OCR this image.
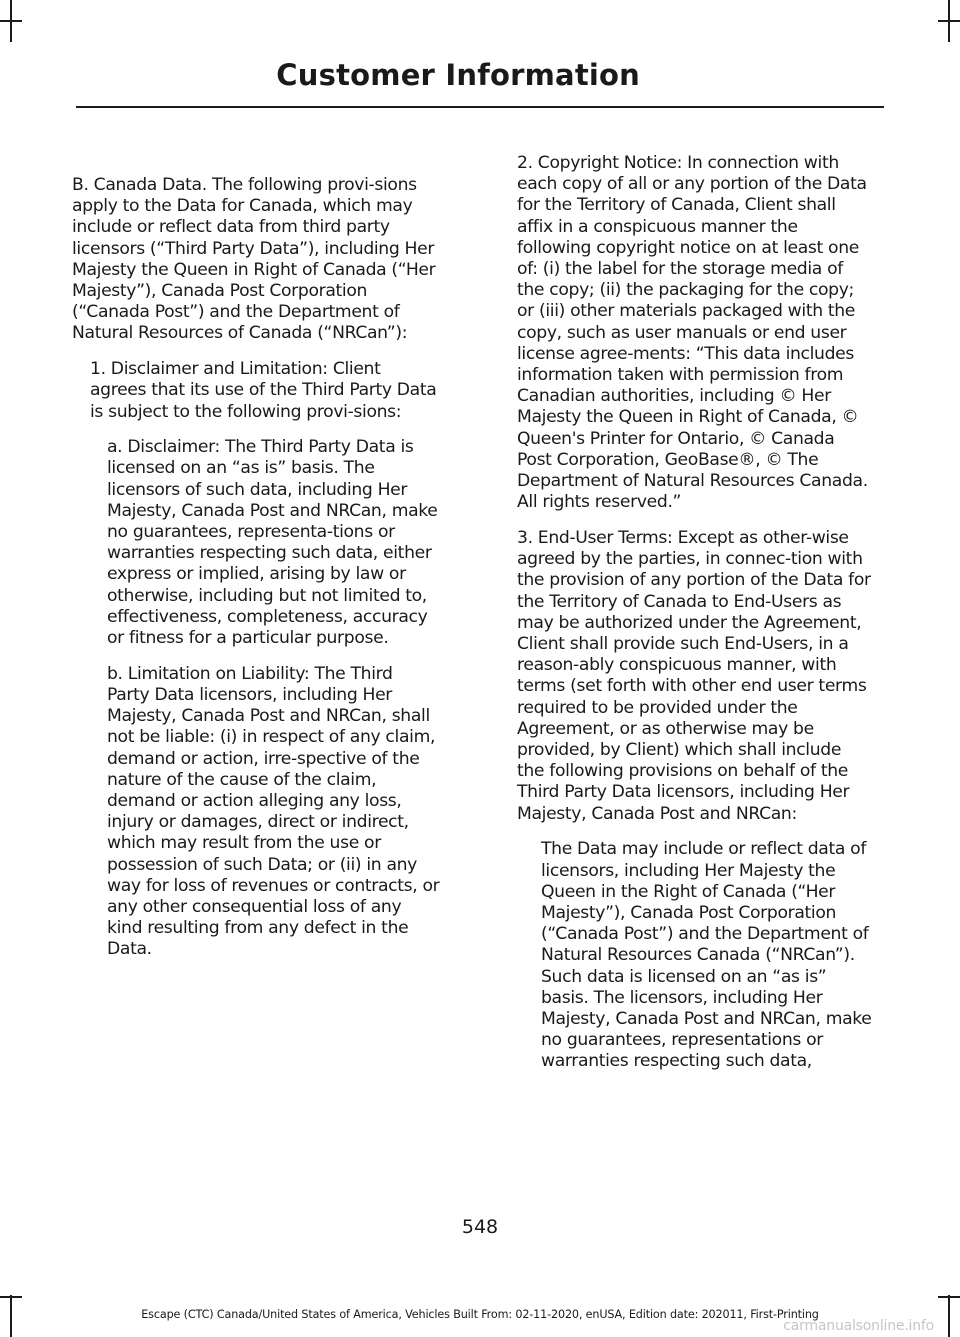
Customer Information

B. Canada Data. The following provi-sions apply to the Data for Canada, which may include or reflect data from third party licensors (“Third Party Data”), including Her Majesty the Queen in Right of Canada (“Her Majesty”), Canada Post Corporation (“Canada Post”) and the Department of Natural Resources of Canada (“NRCan”):

1. Disclaimer and Limitation: Client agrees that its use of the Third Party Data is subject to the following provi-sions:

a. Disclaimer: The Third Party Data is licensed on an “as is” basis. The licensors of such data, including Her Majesty, Canada Post and NRCan, make no guarantees, representa-tions or warranties respecting such data, either express or implied, arising by law or otherwise, including but not limited to, effectiveness, completeness, accuracy or fitness for a particular purpose.

b. Limitation on Liability: The Third Party Data licensors, including Her Majesty, Canada Post and NRCan, shall not be liable: (i) in respect of any claim, demand or action, irre-spective of the nature of the cause of the claim, demand or action alleging any loss, injury or damages, direct or indirect, which may result from the use or possession of such Data; or (ii) in any way for loss of revenues or contracts, or any other consequential loss of any kind resulting from any defect in the Data.

2. Copyright Notice: In connection with each copy of all or any portion of the Data for the Territory of Canada, Client shall affix in a conspicuous manner the following copyright notice on at least one of: (i) the label for the storage media of the copy; (ii) the packaging for the copy; or (iii) other materials packaged with the copy, such as user manuals or end user license agree-ments: “This data includes information taken with permission from Canadian authorities, including © Her Majesty the Queen in Right of Canada, © Queen's Printer for Ontario, © Canada Post Corporation, GeoBase®, © The Department of Natural Resources Canada. All rights reserved.”

3. End-User Terms: Except as other-wise agreed by the parties, in connec-tion with the provision of any portion of the Data for the Territory of Canada to End-Users as may be authorized under the Agreement, Client shall provide such End-Users, in a reason-ably conspicuous manner, with terms (set forth with other end user terms required to be provided under the Agreement, or as otherwise may be provided, by Client) which shall include the following provisions on behalf of the Third Party Data licensors, including Her Majesty, Canada Post and NRCan:

The Data may include or reflect data of licensors, including Her Majesty the Queen in the Right of Canada (“Her Majesty”), Canada Post Corporation (“Canada Post”) and the Department of Natural Resources Canada (“NRCan”). Such data is licensed on an “as is” basis. The licensors, including Her Majesty, Canada Post and NRCan, make no guarantees, representations or warranties respecting such data,

548
Escape (CTC) Canada/United States of America, Vehicles Built From: 02-11-2020, enUSA, Edition date: 202011, First-Printing
carmanualsonline.info
